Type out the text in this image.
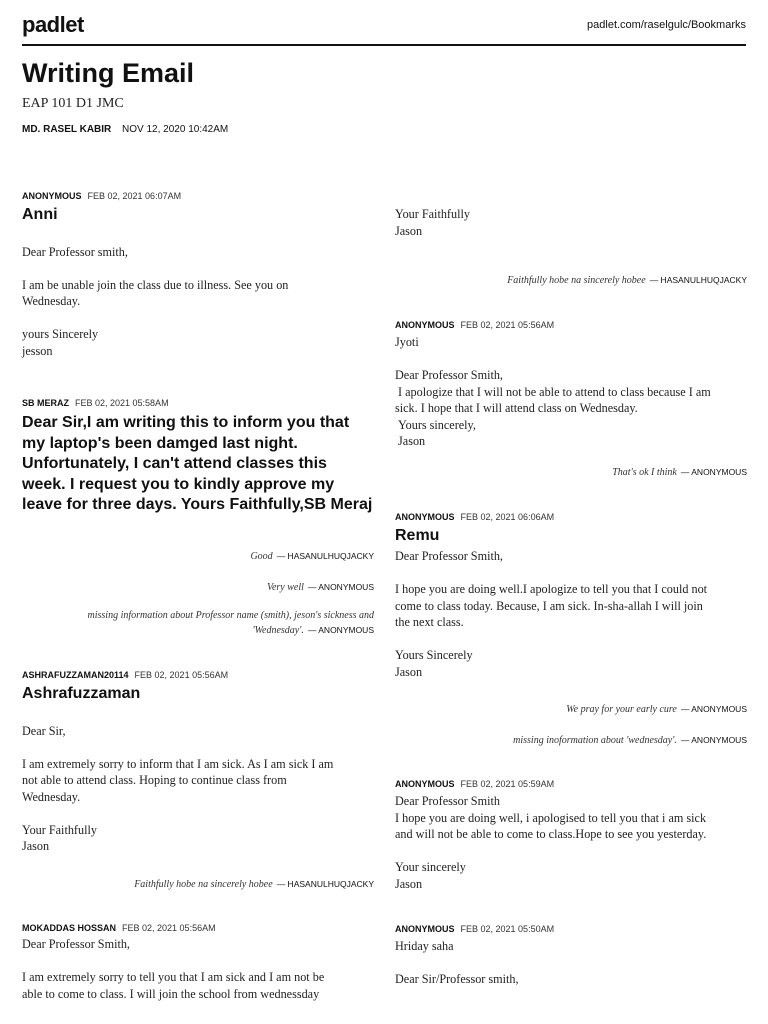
padlet	padlet.com/raselgulc/Bookmarks
Writing Email
EAP 101 D1 JMC
MD. RASEL KABIR NOV 12, 2020 10:42AM
ANONYMOUS FEB 02, 2021 06:07AM
Anni

Dear Professor smith,

I am be unable join the class due to illness. See you on
Wednesday.

yours Sincerely
jesson
SB MERAZ FEB 02, 2021 05:58AM
Dear Sir,I am writing this to inform you that my laptop's been damged last night. Unfortunately, I can't attend classes this week. I request you to kindly approve my leave for three days. Yours Faithfully,SB Meraj
Good — HASANULHUQJACKY
Very well — ANONYMOUS
missing information about Professor name (smith), jeson's sickness and 'Wednesday'. — ANONYMOUS
ASHRAFUZZAMAN20114 FEB 02, 2021 05:56AM
Ashrafuzzaman

Dear Sir,

I am extremely sorry to inform that I am sick. As I am sick I am
not able to attend class. Hoping to continue class from
Wednesday.

Your Faithfully
Jason
Faithfully hobe na sincerely hobee — HASANULHUQJACKY
MOKADDAS HOSSAN FEB 02, 2021 05:56AM
Dear Professor Smith,

I am extremely sorry to tell you that I am sick and I am not be
able to come to class. I will join the school from wednessday
Your Faithfully
Jason
Faithfully hobe na sincerely hobee — HASANULHUQJACKY
ANONYMOUS FEB 02, 2021 05:56AM
Jyoti

Dear Professor Smith,
I apologize that I will not be able to attend to class because I am
sick. I hope that I will attend class on Wednesday.
Yours sincerely,
Jason
That's ok I think — ANONYMOUS
ANONYMOUS FEB 02, 2021 06:06AM
Remu
Dear Professor Smith,

I hope you are doing well.I apologize to tell you that I could not
come to class today. Because, I am sick. In-sha-allah I will join
the next class.

Yours Sincerely
Jason
We pray for your early cure — ANONYMOUS
missing inoformation about 'wednesday'. — ANONYMOUS
ANONYMOUS FEB 02, 2021 05:59AM
Dear Professor Smith
I hope you are doing well, i apologised to tell you that i am sick
and will not be able to come to class.Hope to see you yesterday.

Your sincerely
Jason
ANONYMOUS FEB 02, 2021 05:50AM
Hriday saha

Dear Sir/Professor smith,
